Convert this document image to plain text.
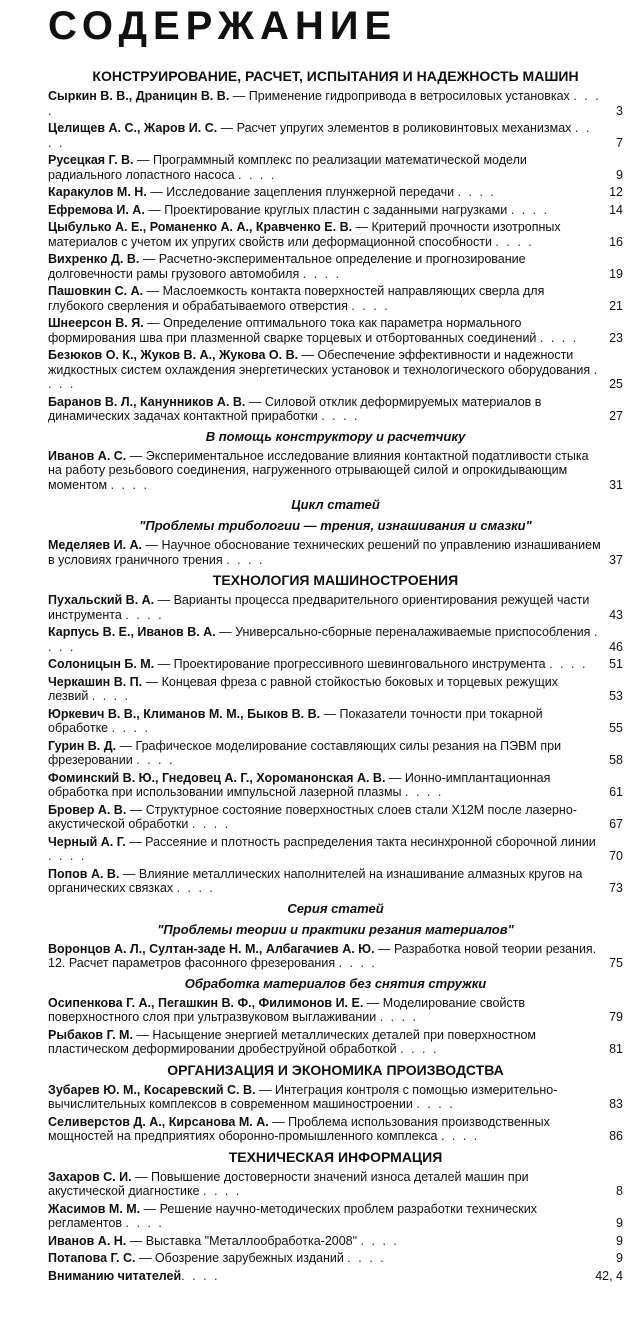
СОДЕРЖАНИЕ
КОНСТРУИРОВАНИЕ, РАСЧЕТ, ИСПЫТАНИЯ И НАДЕЖНОСТЬ МАШИН
Сыркин В. В., Драницин В. В. — Применение гидропривода в ветросиловых установках . . . .	3
Целищев А. С., Жаров И. С. — Расчет упругих элементов в роликовинтовых механизмах . . . .	7
Русецкая Г. В. — Программный комплекс по реализации математической модели радиального лопастного насоса . . . .	9
Каракулов М. Н. — Исследование зацепления плунжерной передачи . . . .	12
Ефремова И. А. — Проектирование круглых пластин с заданными нагрузками . . . .	14
Цыбулько А. Е., Романенко А. А., Кравченко Е. В. — Критерий прочности изотропных материалов с учетом их упругих свойств или деформационной способности . . . .	16
Вихренко Д. В. — Расчетно-экспериментальное определение и прогнозирование долговечности рамы грузового автомобиля . . . .	19
Пашовкин С. А. — Маслоемкость контакта поверхностей направляющих сверла для глубокого сверления и обрабатываемого отверстия . . . .	21
Шнеерсон В. Я. — Определение оптимального тока как параметра нормального формирования шва при плазменной сварке торцевых и отбортованных соединений . . . . 23
Безюков О. К., Жуков В. А., Жукова О. В. — Обеспечение эффективности и надежности жидкостных систем охлаждения энергетических установок и технологического оборудования . . . .	25
Баранов В. Л., Канунников А. В. — Силовой отклик деформируемых материалов в динамических задачах контактной приработки . . . .	27
В помощь конструктору и расчетчику
Иванов А. С. — Экспериментальное исследование влияния контактной податливости стыка на работу резьбового соединения, нагруженного отрывающей силой и опрокидывающим моментом . . . .	31
Цикл статей
"Проблемы трибологии — трения, изнашивания и смазки"
Меделяев И. А. — Научное обоснование технических решений по управлению изнашиванием в условиях граничного трения . . . .	37
ТЕХНОЛОГИЯ МАШИНОСТРОЕНИЯ
Пухальский В. А. — Варианты процесса предварительного ориентирования режущей части инструмента . . . .	43
Карпусь В. Е., Иванов В. А. — Универсально-сборные переналаживаемые приспособления . . . .	46
Солоницын Б. М. — Проектирование прогрессивного шевинговального инструмента . . . . 51
Черкашин В. П. — Концевая фреза с равной стойкостью боковых и торцевых режущих лезвий . . . .	53
Юркевич В. В., Климанов М. М., Быков В. В. — Показатели точности при токарной обработке . . . .	55
Гурин В. Д. — Графическое моделирование составляющих силы резания на ПЭВМ при фрезеровании . . . .	58
Фоминский В. Ю., Гнедовец А. Г., Хороманонская А. В. — Ионно-имплантационная обработка при использовании импульсной лазерной плазмы . . . .	61
Бровер А. В. — Структурное состояние поверхностных слоев стали Х12М после лазерно-акустической обработки . . . .	67
Черный А. Г. — Рассеяние и плотность распределения такта несинхронной сборочной линии . . . .	70
Попов А. В. — Влияние металлических наполнителей на изнашивание алмазных кругов на органических связках . . . .	73
Серия статей
"Проблемы теории и практики резания материалов"
Воронцов А. Л., Султан-заде Н. М., Албагачиев А. Ю. — Разработка новой теории резания. 12. Расчет параметров фасонного фрезерования . . . .	75
Обработка материалов без снятия стружки
Осипенкова Г. А., Пегашкин В. Ф., Филимонов И. Е. — Моделирование свойств поверхностного слоя при ультразвуковом выглаживании . . . .	79
Рыбаков Г. М. — Насыщение энергией металлических деталей при поверхностном пластическом деформировании дробеструйной обработкой . . . .	81
ОРГАНИЗАЦИЯ И ЭКОНОМИКА ПРОИЗВОДСТВА
Зубарев Ю. М., Косаревский С. В. — Интеграция контроля с помощью измерительно-вычислительных комплексов в современном машиностроении . . . .	83
Селиверстов Д. А., Кирсанова М. А. — Проблема использования производственных мощностей на предприятиях оборонно-промышленного комплекса . . . .	86
ТЕХНИЧЕСКАЯ ИНФОРМАЦИЯ
Захаров С. И. — Повышение достоверности значений износа деталей машин при акустической диагностике . . . .	8
Жасимов М. М. — Решение научно-методических проблем разработки технических регламентов . . . .	9
Иванов А. Н. — Выставка "Металлообработка-2008" . . . .	9
Потапова Г. С. — Обозрение зарубежных изданий . . . .	9
Вниманию читателей. . . .	42, 4
